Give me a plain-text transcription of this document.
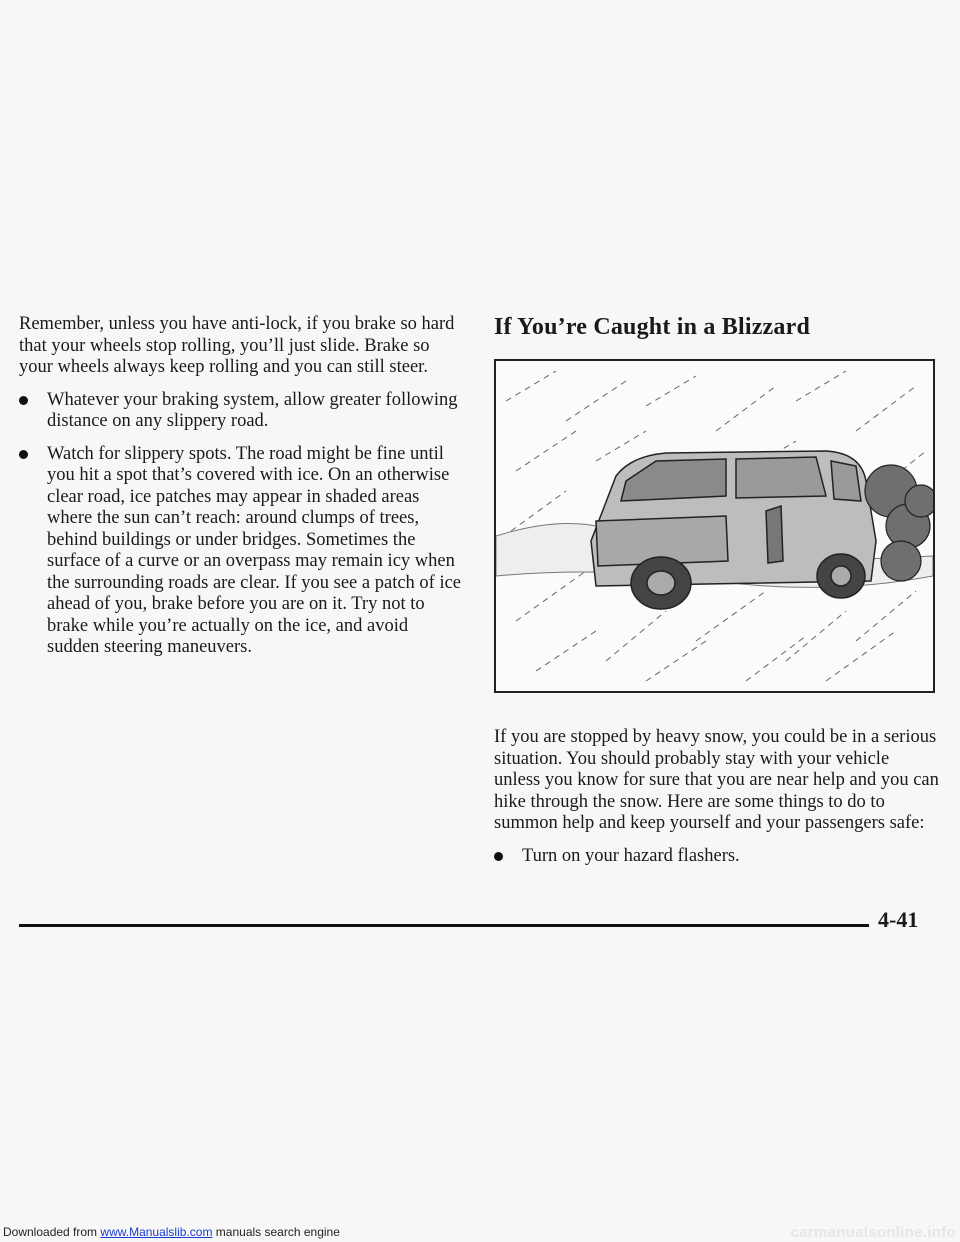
Remember, unless you have anti-lock, if you brake so hard that your wheels stop rolling, you’ll just slide. Brake so your wheels always keep rolling and you can still steer.

Whatever your braking system, allow greater following distance on any slippery road.
Watch for slippery spots. The road might be fine until you hit a spot that’s covered with ice. On an otherwise clear road, ice patches may appear in shaded areas where the sun can’t reach: around clumps of trees, behind buildings or under bridges. Sometimes the surface of a curve or an overpass may remain icy when the surrounding roads are clear. If you see a patch of ice ahead of you, brake before you are on it. Try not to brake while you’re actually on the ice, and avoid sudden steering maneuvers.
If You’re Caught in a Blizzard

If you are stopped by heavy snow, you could be in a serious situation. You should probably stay with your vehicle unless you know for sure that you are near help and you can hike through the snow. Here are some things to do to summon help and keep yourself and your passengers safe:

Turn on your hazard flashers.
4-41
Downloaded from www.Manualslib.com manuals search engine	carmanualsonline.info
